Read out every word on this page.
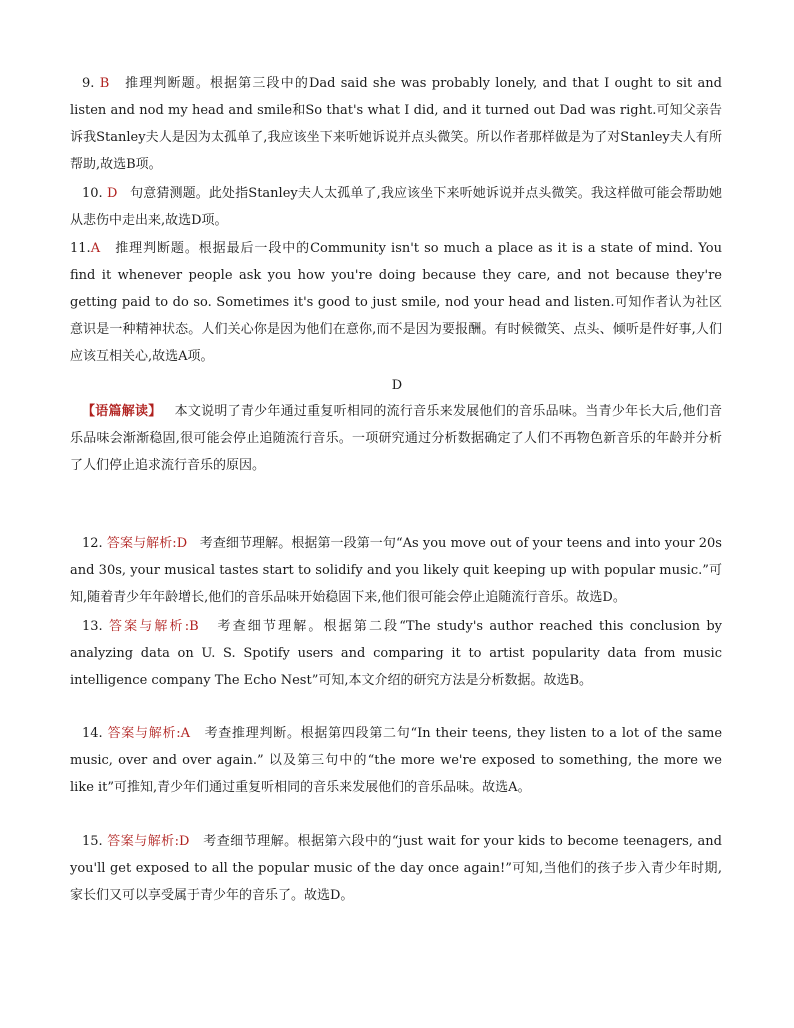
9. B 推理判断题。根据第三段中的Dad said she was probably lonely, and that I ought to sit and listen and nod my head and smile和So that's what I did, and it turned out Dad was right.可知父亲告诉我Stanley夫人是因为太孤单了,我应该坐下来听她诉说并点头微笑。所以作者那样做是为了对Stanley夫人有所帮助,故选B项。

10. D 句意猜测题。此处指Stanley夫人太孤单了,我应该坐下来听她诉说并点头微笑。我这样做可能会帮助她从悲伤中走出来,故选D项。

11.A 推理判断题。根据最后一段中的Community isn't so much a place as it is a state of mind. You find it whenever people ask you how you're doing because they care, and not because they're getting paid to do so. Sometimes it's good to just smile, nod your head and listen.可知作者认为社区意识是一种精神状态。人们关心你是因为他们在意你,而不是因为要报酬。有时候微笑、点头、倾听是件好事,人们应该互相关心,故选A项。

D

【语篇解读】 本文说明了青少年通过重复听相同的流行音乐来发展他们的音乐品味。当青少年长大后,他们音乐品味会渐渐稳固,很可能会停止追随流行音乐。一项研究通过分析数据确定了人们不再物色新音乐的年龄并分析了人们停止追求流行音乐的原因。

12. 答案与解析:D 考查细节理解。根据第一段第一句“As you move out of your teens and into your 20s and 30s, your musical tastes start to solidify and you likely quit keeping up with popular music.”可知,随着青少年年龄增长,他们的音乐品味开始稳固下来,他们很可能会停止追随流行音乐。故选D。

13. 答案与解析:B 考查细节理解。根据第二段“The study's author reached this conclusion by analyzing data on U. S. Spotify users and comparing it to artist popularity data from music intelligence company The Echo Nest”可知,本文介绍的研究方法是分析数据。故选B。

14. 答案与解析:A 考查推理判断。根据第四段第二句“In their teens, they listen to a lot of the same music, over and over again.” 以及第三句中的“the more we're exposed to something, the more we like it”可推知,青少年们通过重复听相同的音乐来发展他们的音乐品味。故选A。

15. 答案与解析:D 考查细节理解。根据第六段中的“just wait for your kids to become teenagers, and you'll get exposed to all the popular music of the day once again!”可知,当他们的孩子步入青少年时期,家长们又可以享受属于青少年的音乐了。故选D。
